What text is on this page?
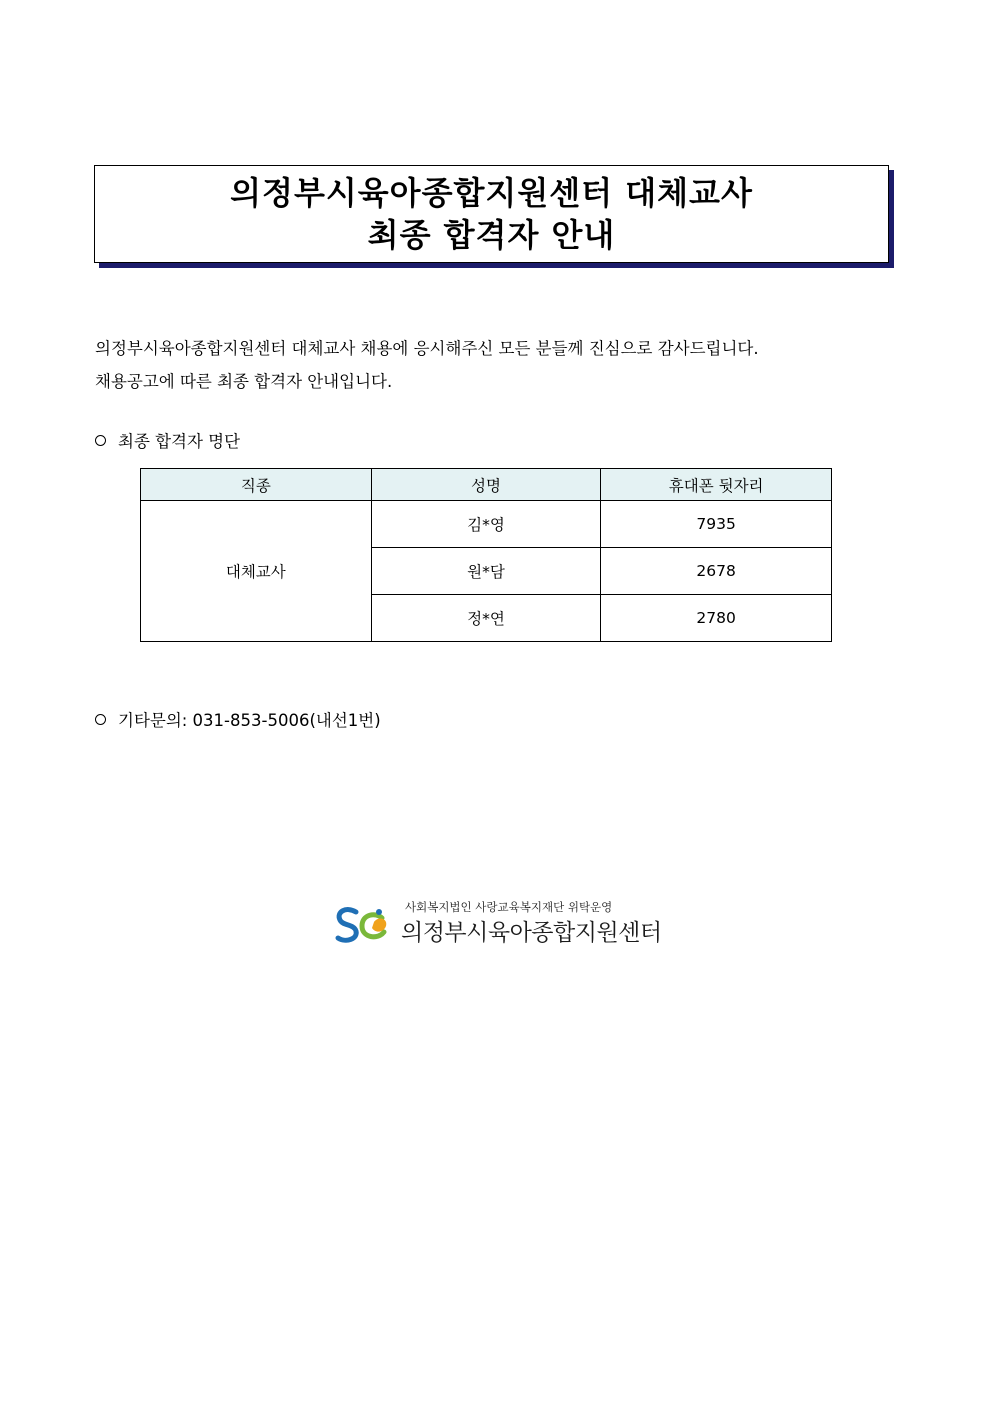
의정부시육아종합지원센터 대체교사
최종 합격자 안내

의정부시육아종합지원센터 대체교사 채용에 응시해주신 모든 분들께 진심으로 감사드립니다.

채용공고에 따른 최종 합격자 안내입니다.

최종 합격자 명단
직종	성명	휴대폰 뒷자리
대체교사	김*영	7935
	원*담	2678
	정*연	2780
기타문의: 031-853-5006(내선1번)
사회복지법인 사랑교육복지재단 위탁운영
의정부시육아종합지원센터
